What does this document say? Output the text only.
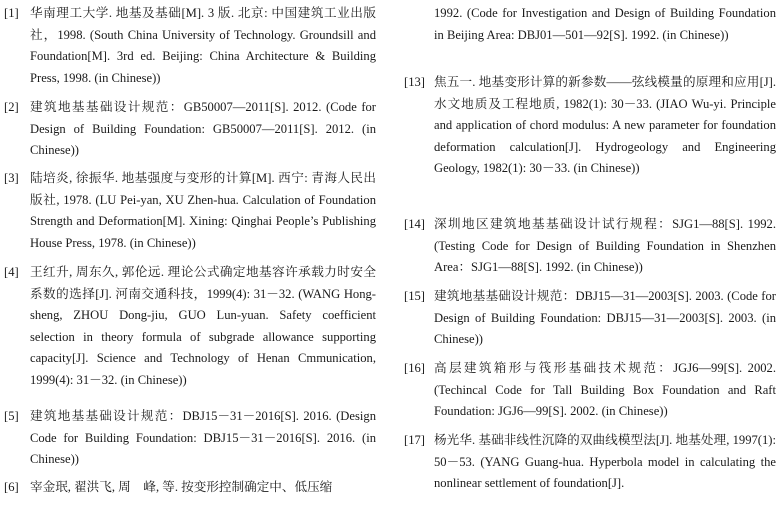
[1] 华南理工大学. 地基及基础[M]. 3 版. 北京: 中国建筑工业出版社，1998. (South China University of Technology. Groundsill and Foundation[M]. 3rd ed. Beijing: China Architecture & Building Press, 1998. (in Chinese))
[2] 建筑地基基础设计规范：GB50007—2011[S]. 2012. (Code for Design of Building Foundation: GB50007—2011[S]. 2012. (in Chinese))
[3] 陆培炎, 徐振华. 地基强度与变形的计算[M]. 西宁: 青海人民出版社, 1978. (LU Pei-yan, XU Zhen-hua. Calculation of Foundation Strength and Deformation[M]. Xining: Qinghai People’s Publishing House Press, 1978. (in Chinese))
[4] 王红升, 周东久, 郭伦远. 理论公式确定地基容许承载力时安全系数的选择[J]. 河南交通科技，1999(4): 31－32. (WANG Hong-sheng, ZHOU Dong-jiu, GUO Lun-yuan. Safety coefficient selection in theory formula of subgrade allowance supporting capacity[J]. Science and Technology of Henan Cmmunication, 1999(4): 31－32. (in Chinese))
[5] 建筑地基基础设计规范：DBJ15－31－2016[S]. 2016. (Design Code for Building Foundation: DBJ15－31－2016[S]. 2016. (in Chinese))
[6] 宰金珉, 翟洪飞, 周　峰, 等. 按变形控制确定中、低压缩
1992. (Code for Investigation and Design of Building Foundation in Beijing Area: DBJ01—501—92[S]. 1992. (in Chinese))
[13] 焦五一. 地基变形计算的新参数——弦线模量的原理和应用[J]. 水文地质及工程地质, 1982(1): 30－33. (JIAO Wu-yi. Principle and application of chord modulus: A new parameter for foundation deformation calculation[J]. Hydrogeology and Engineering Geology, 1982(1): 30－33. (in Chinese))
[14] 深圳地区建筑地基基础设计试行规程：SJG1—88[S]. 1992. (Testing Code for Design of Building Foundation in Shenzhen Area：SJG1—88[S]. 1992. (in Chinese))
[15] 建筑地基基础设计规范：DBJ15—31—2003[S]. 2003. (Code for Design of Building Foundation: DBJ15—31—2003[S]. 2003. (in Chinese))
[16] 高层建筑箱形与筏形基础技术规范：JGJ6—99[S]. 2002. (Techincal Code for Tall Building Box Foundation and Raft Foundation: JGJ6—99[S]. 2002. (in Chinese))
[17] 杨光华. 基础非线性沉降的双曲线模型法[J]. 地基处理, 1997(1): 50－53. (YANG Guang-hua. Hyperbola model in calculating the nonlinear settlement of foundation[J].
